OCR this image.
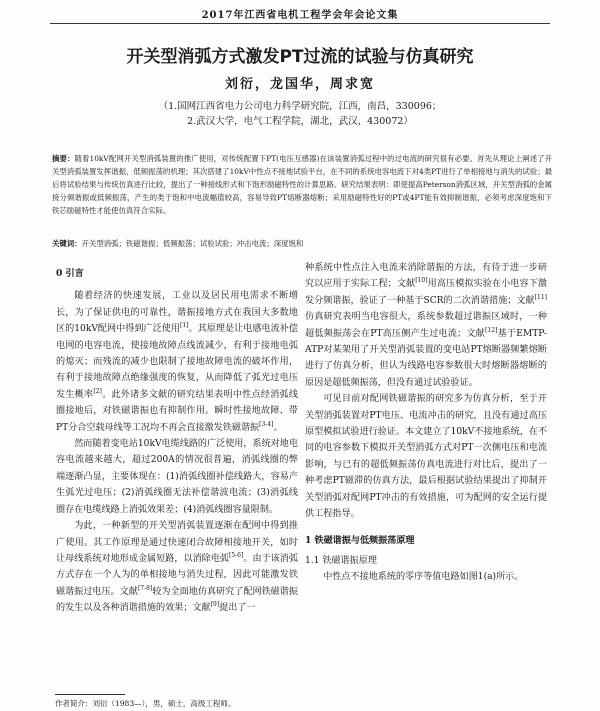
2017年江西省电机工程学会年会论文集
开关型消弧方式激发PT过流的试验与仿真研究
刘衍，龙国华，周求宽
（1.国网江西省电力公司电力科学研究院，江西，南昌，330096；
2.武汉大学，电气工程学院，湖北，武汉，430072）
摘要：随着10kV配网开关型消弧装置的推广使用，对传统配置下PT(电压互感器)在该装置消弧过程中的过电流的研究很有必要。首先从理论上阐述了开关型消弧装置发挥谐振、低频振荡的机理；其次搭建了10kV中性点不接地试验平台，在不同的系统电容电流下对4类PT进行了单相接地与消失的试验；最后将试验结果与传统仿真进行比较，提出了一种接线形式和下饱形励磁特性的计算思路。研究结果表明：即使提高Peterson消弧区域，开关型消弧的金属接分频谐振或低频振荡，产生的类于饱和中电流幅值较高，容易导致PT熔断器熔断；采用励磁特性好的PT或4PT能有效抑制谐振，必须考虑深度饱和下铁芯励磁特性才能使仿真符合实际。
关键词：开关型消弧；铁磁谐振；低频振荡；试验试验；冲击电流；深度饱和

0 引言

随着经济的快速发展，工业以及居民用电需求不断增长，为了保证供电的可靠性，谐振接地方式在我国大多数地区的10kV配网中得到广泛使用[1]。其原理是让电感电流补偿电网的电容电流，使接地故障点线流减少，有利于接地电弧的熄灭；而残流的减少也限制了接地故障电流的破坏作用，有利于接地故障点绝缘强度的恢复，从而降低了弧光过电压发生概率[2]。此外诸多文献的研究结果表明中性点经消弧线圈接地后，对铁磁谐振也有抑制作用。瞬时性接地故障、带PT分合空载母线等工况均不再会直接激发铁磁谐振[3-4]。

然而随着变电站10kV电缆线路的广泛使用，系统对地电容电流越来越大，超过200A的情况很普遍，消弧线圈的弊端逐渐凸显，主要体现在：(1)消弧线圈补偿线路大，容易产生弧光过电压；(2)消弧线圈无法补偿谐波电流；(3)消弧线圈存在电缆线路上消弧效果差；(4)消弧线圈容量限制。

为此，一种新型的开关型消弧装置逐渐在配网中得到推广使用。其工作原理是通过快速闭合故障相接地开关，如时让母线系统对地形成金属短路，以消除电弧[5-6]。由于该消弧方式存在一个人为的单相接地与消失过程，因此可能激发铁磁谐振过电压。文献[7-8]较为全面地仿真研究了配网铁磁谐振的发生以及各种消谐措施的效果；文献[9]提出了一

种系统中性点注入电流来消除谐振的方法，有待于进一步研究以应用于实际工程；文献[10]用高压模拟实验在小电容下激发分频谐振，验证了一种基于SCR的二次消谐措施；文献[11]仿真研究表明当电容很大，系统参数超过谐振区域时，一种超低频振荡会在PT高压侧产生过电流；文献[12]基于EMTP-ATP对某架用了开关型消弧装置的变电站PT熔断器频繁熔断进行了仿真分析，但认为线路电容参数很大时熔断器熔断的原因是超低频振荡，但没有通过试验验证。

可见目前对配网铁磁谐振的研究多为仿真分析，至于开关型消弧装置对PT电压、电流冲击的研究，且没有通过高压原型模拟试验进行验证。本文建立了10kV不接地系统，在不同的电容参数下模拟开关型消弧方式对PT一次侧电压和电流影响，与已有的超低频振荡仿真电流进行对比后，提出了一种考虑PT磁滞的仿真方法，最后根据试验结果提出了抑制开关型消弧对配网PT冲击的有效措施，可为配网的安全运行提供工程指导。

1 铁磁谐振与低频振荡原理

1.1 铁磁谐振原理

中性点不接地系统的零序等值电路如图1(a)所示。

作者简介：刘衍（1983—），男，硕士，高级工程师。
